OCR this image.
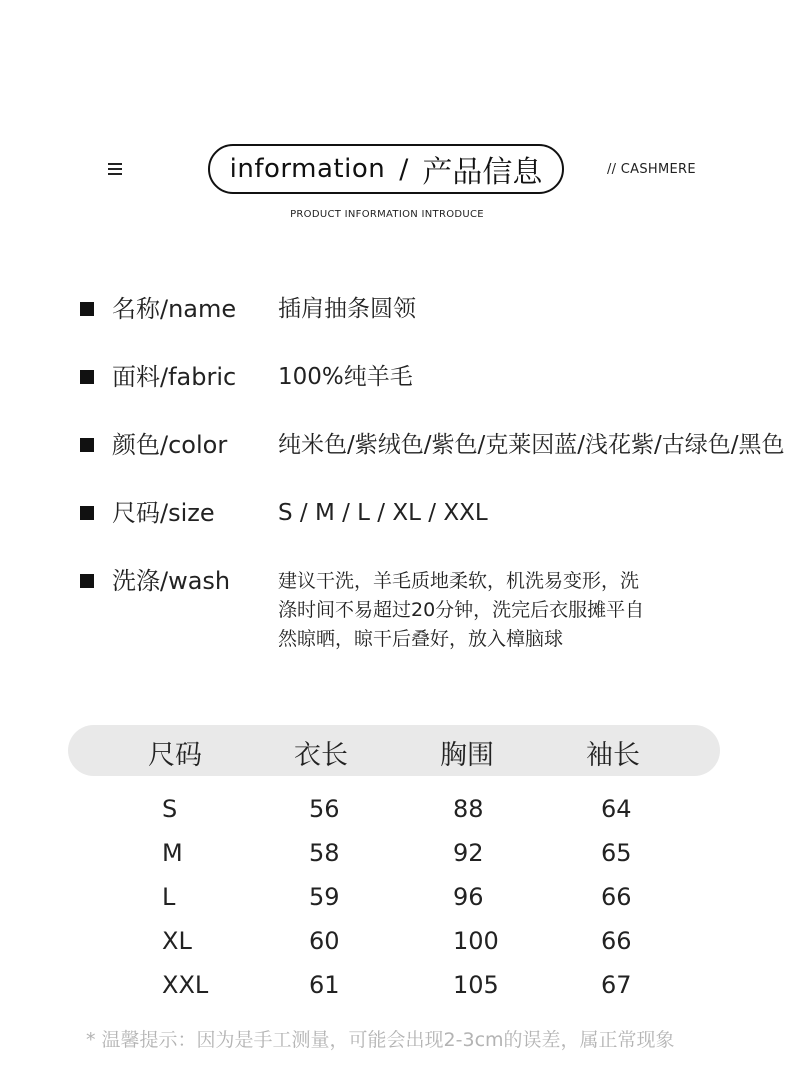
information / 产品信息	// CASHMERE
PRODUCT INFORMATION INTRODUCE
名称/name 插肩抽条圆领
面料/fabric 100%纯羊毛
颜色/color 纯米色/紫绒色/紫色/克莱因蓝/浅花紫/古绿色/黑色
尺码/size	S / M / L / XL / XXL
洗涤/wash	建议干洗，羊毛质地柔软，机洗易变形，洗
涤时间不易超过20分钟，洗完后衣服摊平自
然晾晒，晾干后叠好，放入樟脑球
尺码	衣长	胸围	袖长
S	56	88	64
M	58	92	65
L	59	96	66
XL	60	100	66
XXL	61	105	67
* 温馨提示：因为是手工测量，可能会出现2-3cm的误差，属正常现象
